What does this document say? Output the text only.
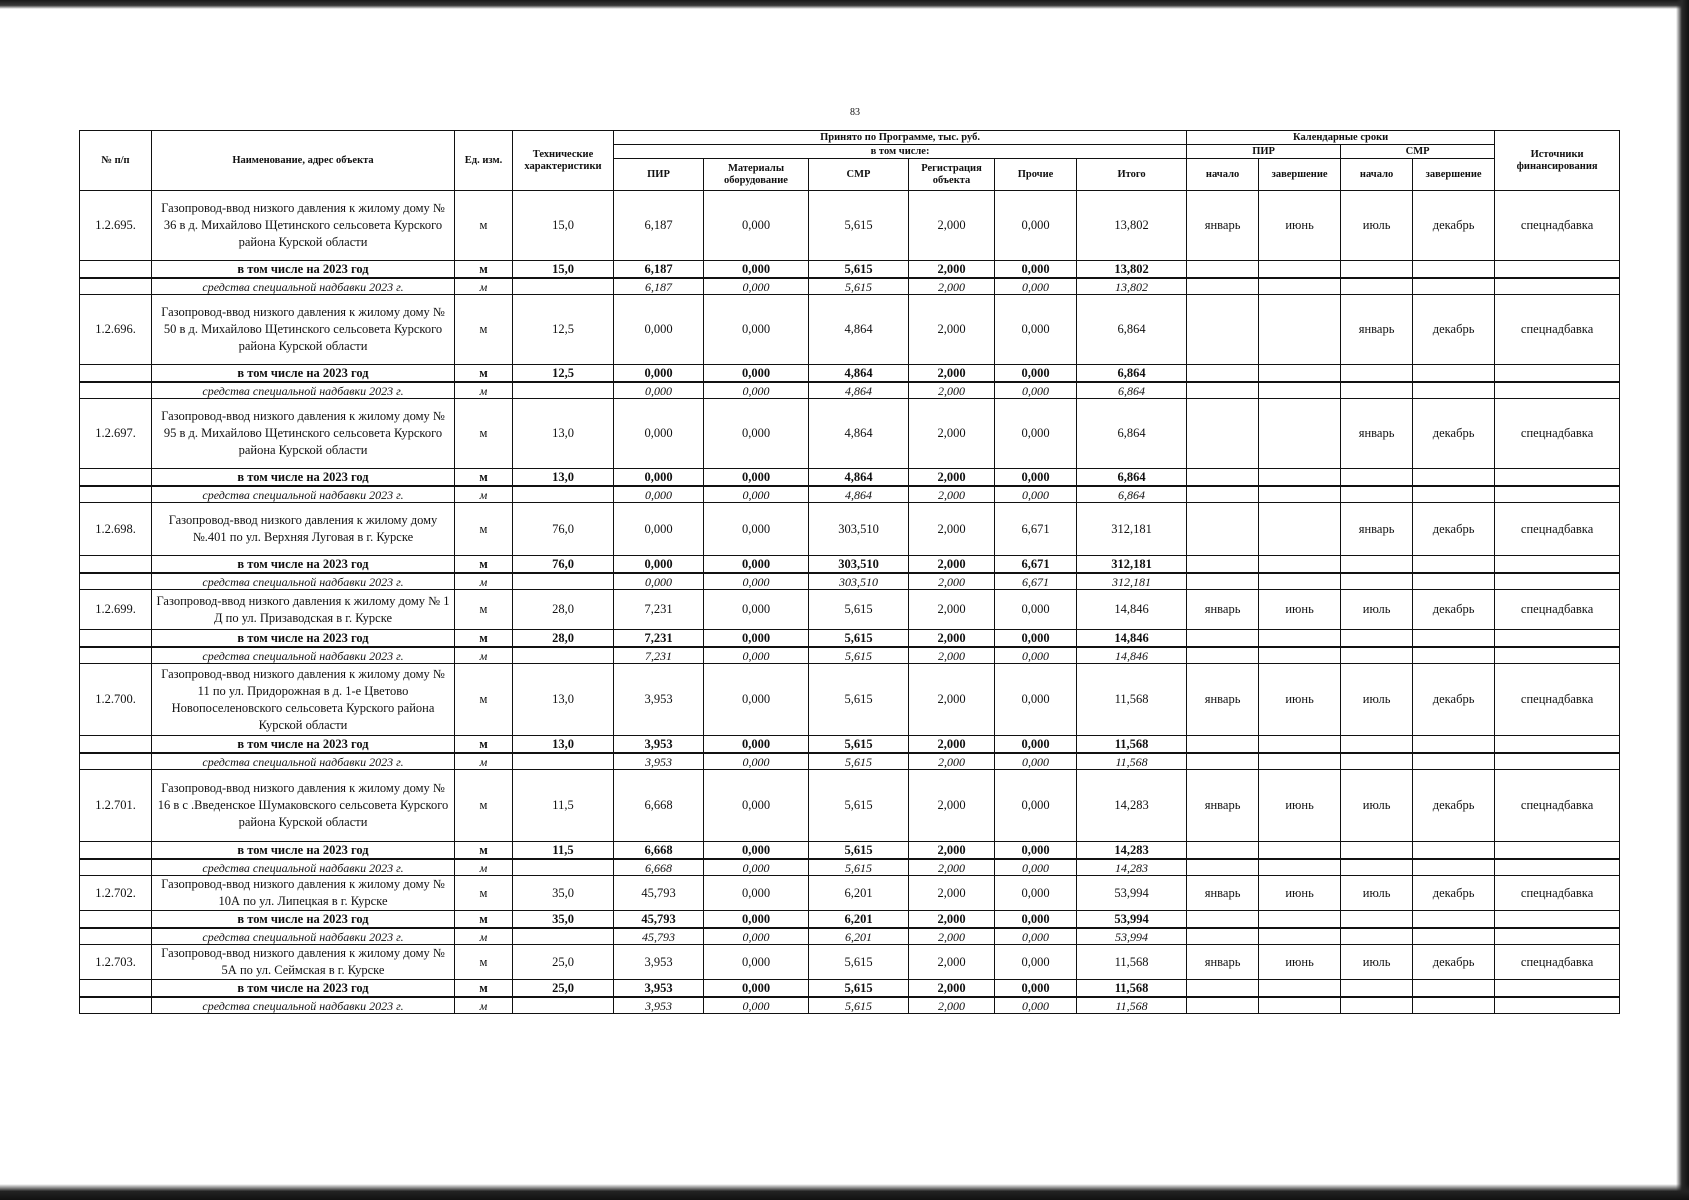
83
№ п/п	Наименование, адрес объекта	Ед. изм.	Технические характеристики	Принято по Программе, тыс. руб.						Календарные сроки				Источники финансирования
				в том числе:						ПИР		СМР		
				ПИР	Материалы оборудование	СМР	Регистрация объекта	Прочие	Итого	начало	завершение	начало	завершение	
1.2.695.	Газопровод-ввод низкого давления к жилому дому № 36 в д. Михайлово Щетинского сельсовета Курского района Курской области	м	15,0	6,187	0,000	5,615	2,000	0,000	13,802	январь	июнь	июль	декабрь	спецнадбавка
	в том числе на 2023 год	м	15,0	6,187	0,000	5,615	2,000	0,000	13,802					
	средства специальной надбавки 2023 г.	м		6,187	0,000	5,615	2,000	0,000	13,802					
1.2.696.	Газопровод-ввод низкого давления к жилому дому № 50 в д. Михайлово Щетинского сельсовета Курского района Курской области	м	12,5	0,000	0,000	4,864	2,000	0,000	6,864			январь	декабрь	спецнадбавка
	в том числе на 2023 год	м	12,5	0,000	0,000	4,864	2,000	0,000	6,864					
	средства специальной надбавки 2023 г.	м		0,000	0,000	4,864	2,000	0,000	6,864					
1.2.697.	Газопровод-ввод низкого давления к жилому дому № 95 в д. Михайлово Щетинского сельсовета Курского района Курской области	м	13,0	0,000	0,000	4,864	2,000	0,000	6,864			январь	декабрь	спецнадбавка
	в том числе на 2023 год	м	13,0	0,000	0,000	4,864	2,000	0,000	6,864					
	средства специальной надбавки 2023 г.	м		0,000	0,000	4,864	2,000	0,000	6,864					
1.2.698.	Газопровод-ввод низкого давления к жилому дому №.401 по ул. Верхняя Луговая в г. Курске	м	76,0	0,000	0,000	303,510	2,000	6,671	312,181			январь	декабрь	спецнадбавка
	в том числе на 2023 год	м	76,0	0,000	0,000	303,510	2,000	6,671	312,181					
	средства специальной надбавки 2023 г.	м		0,000	0,000	303,510	2,000	6,671	312,181					
1.2.699.	Газопровод-ввод низкого давления к жилому дому № 1 Д по ул. Призаводская в г. Курске	м	28,0	7,231	0,000	5,615	2,000	0,000	14,846	январь	июнь	июль	декабрь	спецнадбавка
	в том числе на 2023 год	м	28,0	7,231	0,000	5,615	2,000	0,000	14,846					
	средства специальной надбавки 2023 г.	м		7,231	0,000	5,615	2,000	0,000	14,846					
1.2.700.	Газопровод-ввод низкого давления к жилому дому № 11 по ул. Придорожная в д. 1-е Цветово Новопоселеновского сельсовета Курского района Курской области	м	13,0	3,953	0,000	5,615	2,000	0,000	11,568	январь	июнь	июль	декабрь	спецнадбавка
	в том числе на 2023 год	м	13,0	3,953	0,000	5,615	2,000	0,000	11,568					
	средства специальной надбавки 2023 г.	м		3,953	0,000	5,615	2,000	0,000	11,568					
1.2.701.	Газопровод-ввод низкого давления к жилому дому № 16 в с .Введенское Шумаковского сельсовета Курского района Курской области	м	11,5	6,668	0,000	5,615	2,000	0,000	14,283	январь	июнь	июль	декабрь	спецнадбавка
	в том числе на 2023 год	м	11,5	6,668	0,000	5,615	2,000	0,000	14,283					
	средства специальной надбавки 2023 г.	м		6,668	0,000	5,615	2,000	0,000	14,283					
1.2.702.	Газопровод-ввод низкого давления к жилому дому № 10А по ул. Липецкая в г. Курске	м	35,0	45,793	0,000	6,201	2,000	0,000	53,994	январь	июнь	июль	декабрь	спецнадбавка
	в том числе на 2023 год	м	35,0	45,793	0,000	6,201	2,000	0,000	53,994					
	средства специальной надбавки 2023 г.	м		45,793	0,000	6,201	2,000	0,000	53,994					
1.2.703.	Газопровод-ввод низкого давления к жилому дому № 5А по ул. Сеймская в г. Курске	м	25,0	3,953	0,000	5,615	2,000	0,000	11,568	январь	июнь	июль	декабрь	спецнадбавка
	в том числе на 2023 год	м	25,0	3,953	0,000	5,615	2,000	0,000	11,568					
	средства специальной надбавки 2023 г.	м		3,953	0,000	5,615	2,000	0,000	11,568					
